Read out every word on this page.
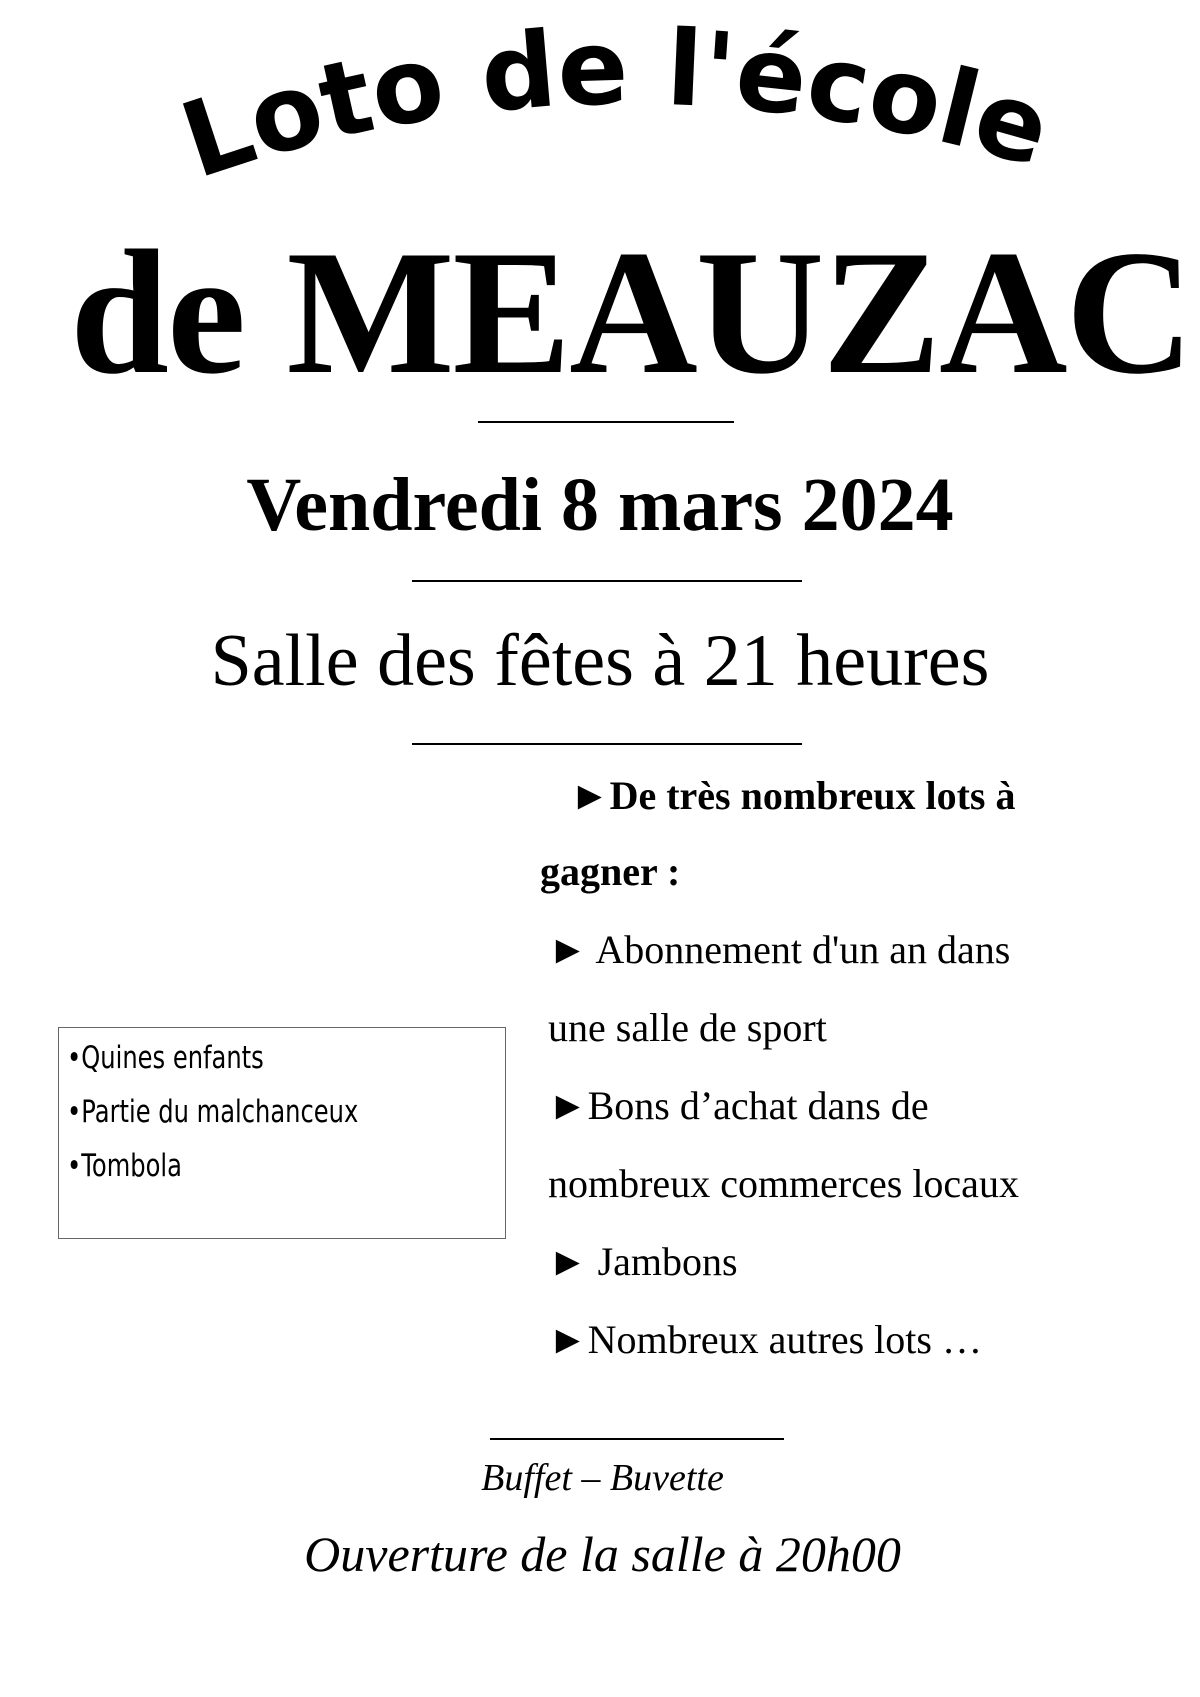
Loto de l'école
de MEAUZAC
Vendredi 8 mars 2024
Salle des fêtes à 21 heures
►De très nombreux lots à
gagner :
► Abonnement d'un an dans
une salle de sport
►Bons d’achat dans de
nombreux commerces locaux
► Jambons
►Nombreux autres lots …
•Quines enfants
•Partie du malchanceux
•Tombola
Buffet – Buvette
Ouverture de la salle à 20h00
